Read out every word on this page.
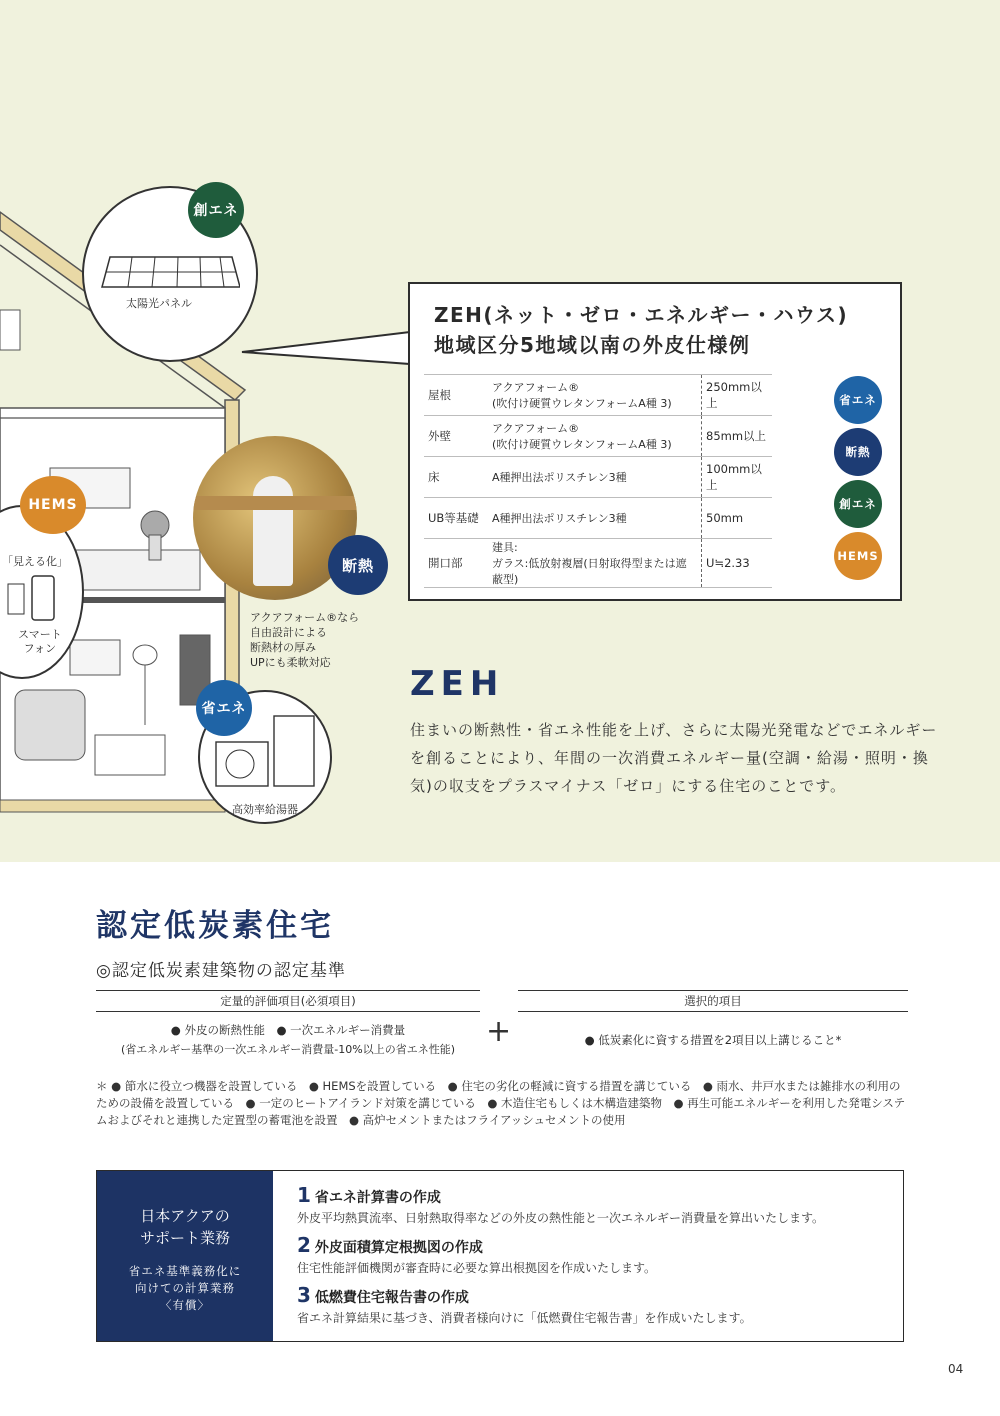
太陽光パネル
創エネ
HEMS
「見える化」
スマート
フォン
断熱
アクアフォーム®なら
自由設計による
断熱材の厚み
UPにも柔軟対応
高効率給湯器
省エネ
ZEH(ネット・ゼロ・エネルギー・ハウス)
地域区分5地域以南の外皮仕様例
屋根	アクアフォーム®
(吹付け硬質ウレタンフォームA種 3)	250mm以上
外壁	アクアフォーム®
(吹付け硬質ウレタンフォームA種 3)	85mm以上
床	A種押出法ポリスチレン3種	100mm以上
UB等基礎	A種押出法ポリスチレン3種	50mm
開口部	建具:
ガラス:低放射複層(日射取得型または遮蔽型)	U≒2.33
省エネ
断熱
創エネ
HEMS
ZEH
住まいの断熱性・省エネ性能を上げ、さらに太陽光発電などでエネルギーを創ることにより、年間の一次消費エネルギー量(空調・給湯・照明・換気)の収支をプラスマイナス「ゼロ」にする住宅のことです。
認定低炭素住宅
◎認定低炭素建築物の認定基準
定量的評価項目(必須項目)
● 外皮の断熱性能　● 一次エネルギー消費量
(省エネルギー基準の一次エネルギー消費量-10%以上の省エネ性能)
+
選択的項目
● 低炭素化に資する措置を2項目以上講じること*
＊ ● 節水に役立つ機器を設置している　● HEMSを設置している　● 住宅の劣化の軽減に資する措置を講じている　● 雨水、井戸水または雑排水の利用のための設備を設置している　● 一定のヒートアイランド対策を講じている　● 木造住宅もしくは木構造建築物　● 再生可能エネルギーを利用した発電システムおよびそれと連携した定置型の蓄電池を設置　● 高炉セメントまたはフライアッシュセメントの使用
日本アクアの
サポート業務
省エネ基準義務化に
向けての計算業務
〈有償〉
1 省エネ計算書の作成
外皮平均熱貫流率、日射熱取得率などの外皮の熱性能と一次エネルギー消費量を算出いたします。
2 外皮面積算定根拠図の作成
住宅性能評価機関が審査時に必要な算出根拠図を作成いたします。
3 低燃費住宅報告書の作成
省エネ計算結果に基づき、消費者様向けに「低燃費住宅報告書」を作成いたします。
04
